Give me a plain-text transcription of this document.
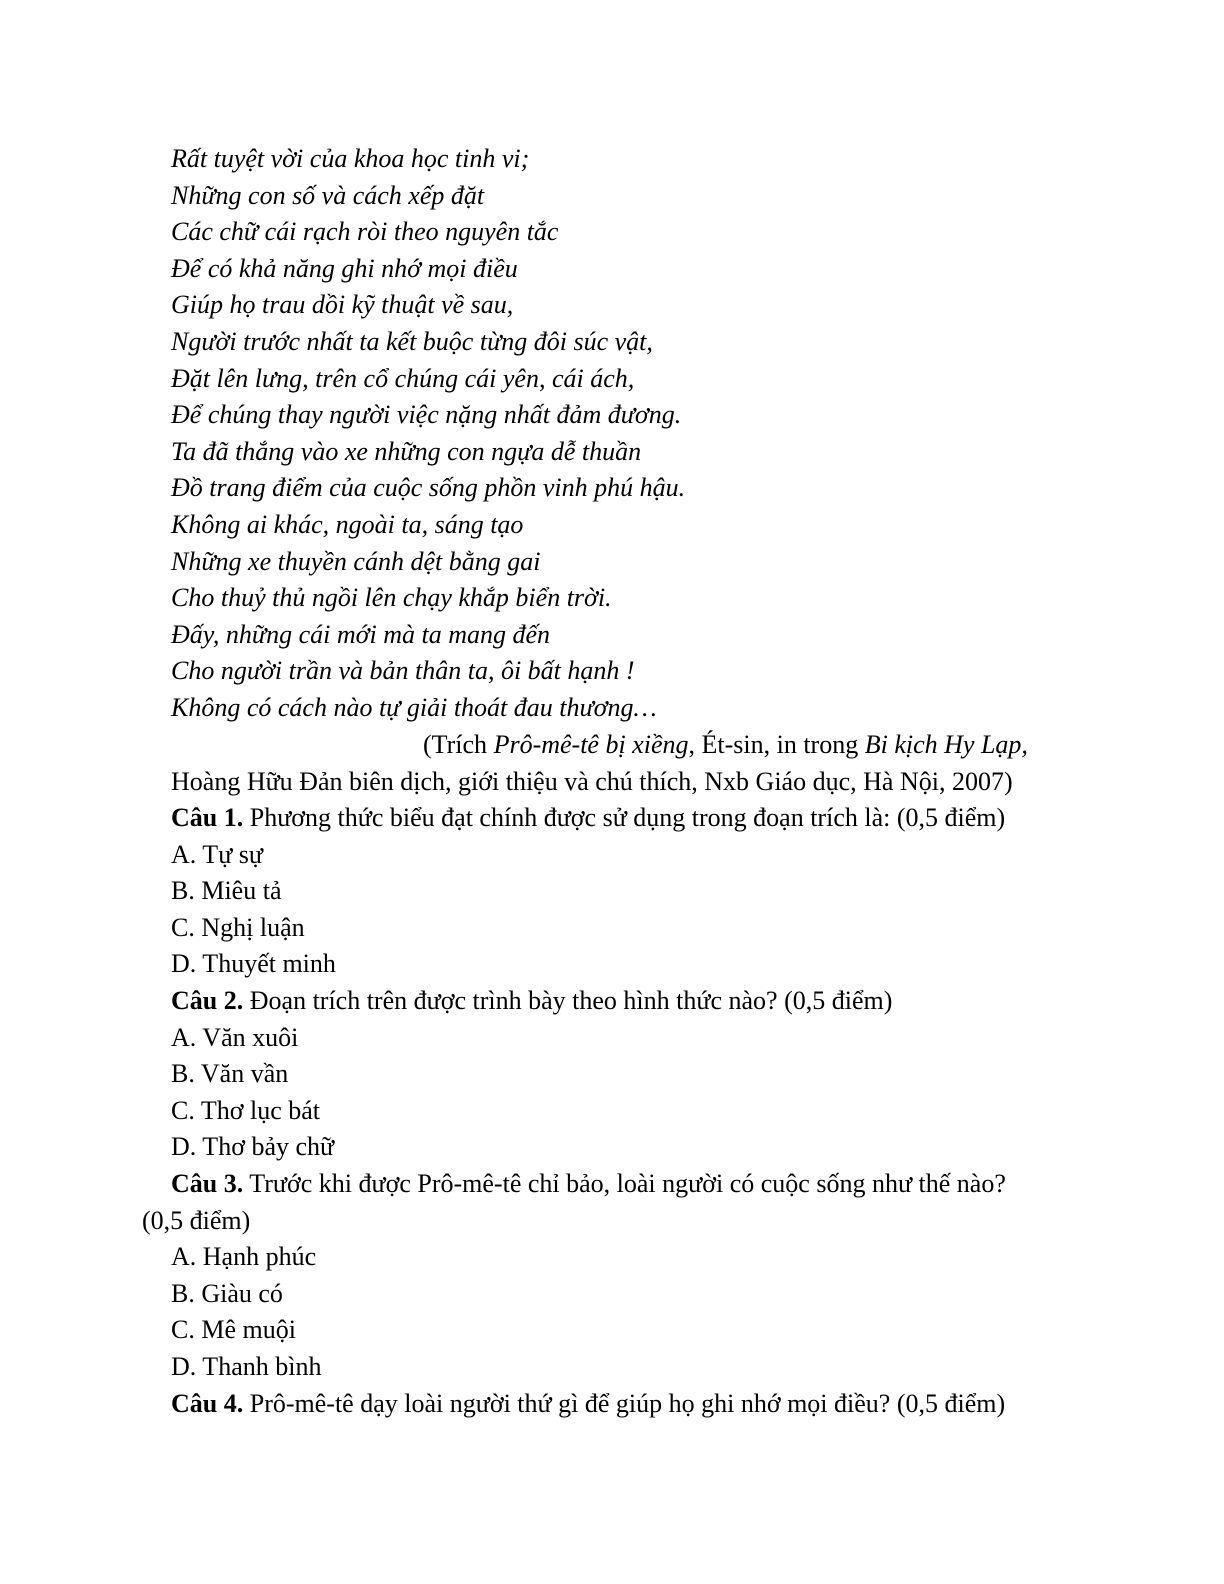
Rất tuyệt vời của khoa học tinh vi;
Những con số và cách xếp đặt
Các chữ cái rạch ròi theo nguyên tắc
Để có khả năng ghi nhớ mọi điều
Giúp họ trau dồi kỹ thuật về sau,
Người trước nhất ta kết buộc từng đôi súc vật,
Đặt lên lưng, trên cổ chúng cái yên, cái ách,
Để chúng thay người việc nặng nhất đảm đương.
Ta đã thắng vào xe những con ngựa dễ thuần
Đồ trang điểm của cuộc sống phồn vinh phú hậu.
Không ai khác, ngoài ta, sáng tạo
Những xe thuyền cánh dệt bằng gai
Cho thuỷ thủ ngồi lên chạy khắp biển trời.
Đấy, những cái mới mà ta mang đến
Cho người trần và bản thân ta, ôi bất hạnh !
Không có cách nào tự giải thoát đau thương…
(Trích Prô-mê-tê bị xiềng, Ét-sin, in trong Bi kịch Hy Lạp,
Hoàng Hữu Đản biên dịch, giới thiệu và chú thích, Nxb Giáo dục, Hà Nội, 2007)
Câu 1. Phương thức biểu đạt chính được sử dụng trong đoạn trích là: (0,5 điểm)
A. Tự sự
B. Miêu tả
C. Nghị luận
D. Thuyết minh
Câu 2. Đoạn trích trên được trình bày theo hình thức nào? (0,5 điểm)
A. Văn xuôi
B. Văn vần
C. Thơ lục bát
D. Thơ bảy chữ
Câu 3. Trước khi được Prô-mê-tê chỉ bảo, loài người có cuộc sống như thế nào?
(0,5 điểm)
A. Hạnh phúc
B. Giàu có
C. Mê muội
D. Thanh bình
Câu 4. Prô-mê-tê dạy loài người thứ gì để giúp họ ghi nhớ mọi điều? (0,5 điểm)
